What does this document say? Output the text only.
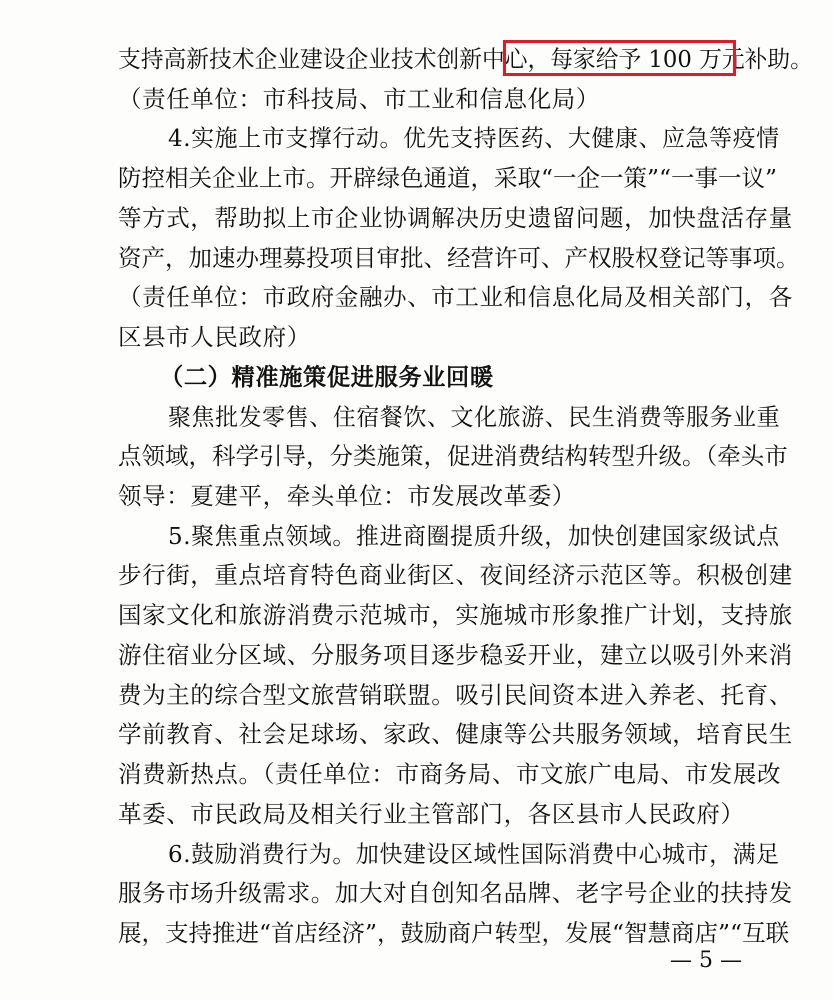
支持高新技术企业建设企业技术创新中心，每家给予 100 万元补助。
（责任单位：市科技局、市工业和信息化局）
4.实施上市支撑行动。优先支持医药、大健康、应急等疫情
防控相关企业上市。开辟绿色通道，采取“一企一策”“一事一议”
等方式，帮助拟上市企业协调解决历史遗留问题，加快盘活存量
资产，加速办理募投项目审批、经营许可、产权股权登记等事项。
（责任单位：市政府金融办、市工业和信息化局及相关部门，各
区县市人民政府）
（二）精准施策促进服务业回暖
聚焦批发零售、住宿餐饮、文化旅游、民生消费等服务业重
点领域，科学引导，分类施策，促进消费结构转型升级。（牵头市
领导：夏建平，牵头单位：市发展改革委）
5.聚焦重点领域。推进商圈提质升级，加快创建国家级试点
步行街，重点培育特色商业街区、夜间经济示范区等。积极创建
国家文化和旅游消费示范城市，实施城市形象推广计划，支持旅
游住宿业分区域、分服务项目逐步稳妥开业，建立以吸引外来消
费为主的综合型文旅营销联盟。吸引民间资本进入养老、托育、
学前教育、社会足球场、家政、健康等公共服务领域，培育民生
消费新热点。（责任单位：市商务局、市文旅广电局、市发展改
革委、市民政局及相关行业主管部门，各区县市人民政府）
6.鼓励消费行为。加快建设区域性国际消费中心城市，满足
服务市场升级需求。加大对自创知名品牌、老字号企业的扶持发
展，支持推进“首店经济”，鼓励商户转型，发展“智慧商店”“互联
— 5 —
